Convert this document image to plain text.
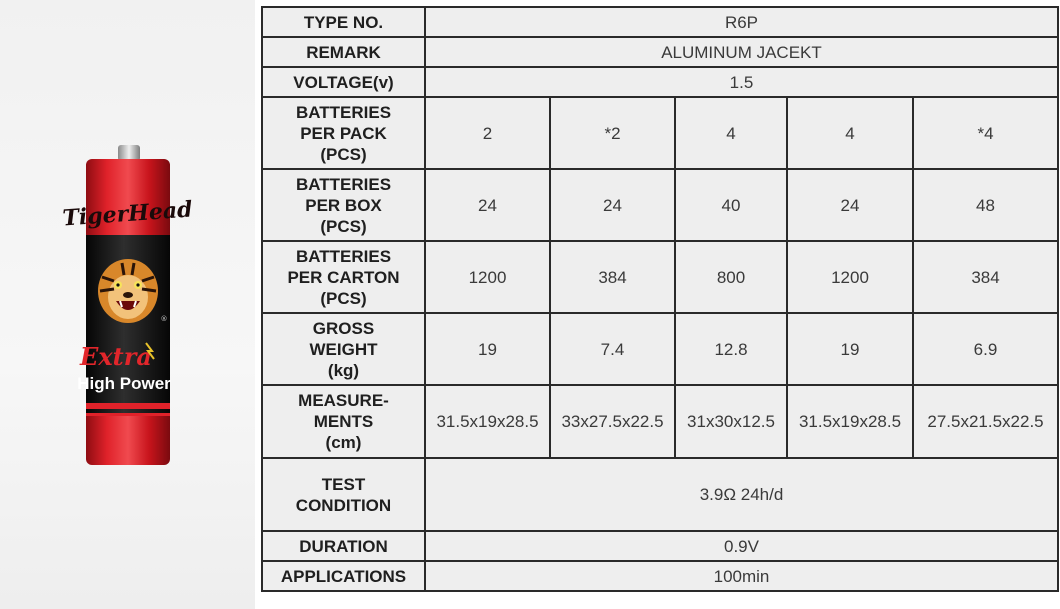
TigerHead
®
Extra
High Power
TYPE NO.	R6P				

REMARK	ALUMINUM JACEKT				

VOLTAGE(v)	1.5				

BATTERIES
PER PACK
(PCS)	2	*2	4	4	*4

BATTERIES
PER BOX
(PCS)	24	24	40	24	48

BATTERIES
PER CARTON
(PCS)	1200	384	800	1200	384

GROSS
WEIGHT
(kg)	19	7.4	12.8	19	6.9

MEASURE-
MENTS
(cm)	31.5x19x28.5	33x27.5x22.5	31x30x12.5	31.5x19x28.5	27.5x21.5x22.5

TEST
CONDITION	3.9Ω 24h/d				

DURATION	0.9V				

APPLICATIONS	100min				
